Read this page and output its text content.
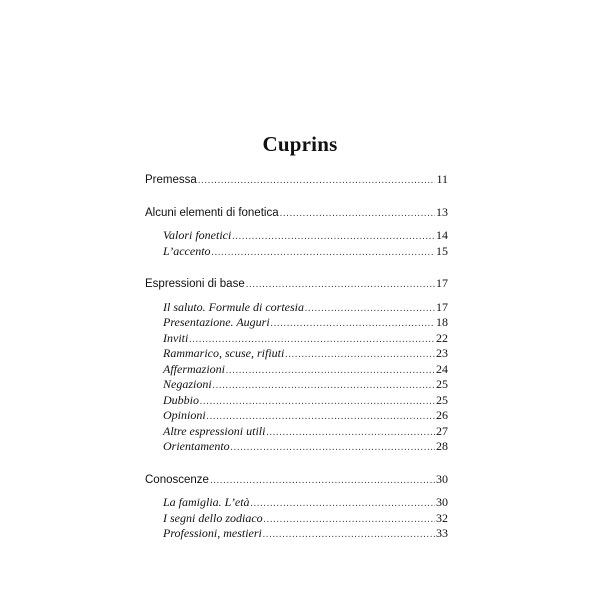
Cuprins
Premessa .....	11
Alcuni elementi di fonetica .....	13
Valori fonetici .....	14
L’accento .....	15
Espressioni di base .....	17
Il saluto. Formule di cortesia .....	17
Presentazione. Auguri .....	18
Inviti .....	22
Rammarico, scuse, rifiuti .....	23
Affermazioni .....	24
Negazioni .....	25
Dubbio .....	25
Opinioni .....	26
Altre espressioni utili .....	27
Orientamento .....	28
Conoscenze .....	30
La famiglia. L’età .....	30
I segni dello zodiaco .....	32
Professioni, mestieri .....	33
